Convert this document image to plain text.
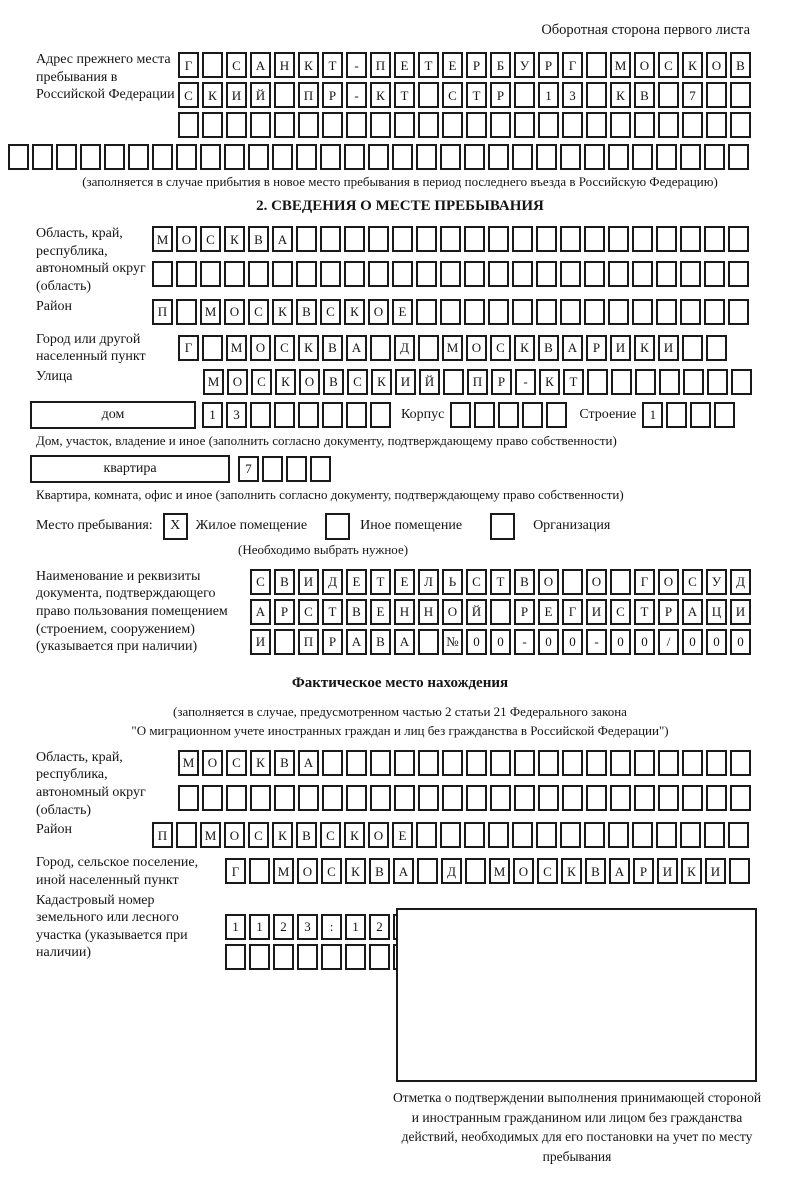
Оборотная сторона первого листа
Адрес прежнего места пребывания в Российской Федерации
Г	С	А	Н	К	Т	-	П	Е	Т	Е	Р	Б	У	Р	Г	М	О	С	К	О	В
С	К	И	Й	П	Р	-	К	Т	С	Т	Р	1	3	К	В	7
(заполняется в случае прибытия в новое место пребывания в период последнего въезда в Российскую Федерацию)
2. СВЕДЕНИЯ О МЕСТЕ ПРЕБЫВАНИЯ
Область, край, республика, автономный округ (область)
М	О	С	К	В	А
Район	П	М	О	С	К	В	С	К	О	Е
Город или другой населенный пункт
Г	М	О	С	К	В	А	Д	М	О	С	К	В	А	Р	И	К	И
Улица	М	О	С	К	О	В	С	К	И	Й	П	Р	-	К	Т
дом	1	3	Корпус	Строение	1
Дом, участок, владение и иное (заполнить согласно документу, подтверждающему право собственности)
квартира	7
Квартира, комната, офис и иное (заполнить согласно документу, подтверждающему право собственности)
Место пребывания:	X	Жилое помещение	Иное помещение	Организация
(Необходимо выбрать нужное)
Наименование и реквизиты документа, подтверждающего право пользования помещением (строением, сооружением) (указывается при наличии)
С	В	И	Д	Е	Т	Е	Л	Ь	С	Т	В	О	О	Г	О	С	У	Д
А	Р	С	Т	В	Е	Н	Н	О	Й	Р	Е	Г	И	С	Т	Р	А	Ц	И
И	П	Р	А	В	А	№	0	0	-	0	0	-	0	0	/	0	0	0
Фактическое место нахождения
(заполняется в случае, предусмотренном частью 2 статьи 21 Федерального закона
"О миграционном учете иностранных граждан и лиц без гражданства в Российской Федерации")
Область, край, республика, автономный округ (область)
М	О	С	К	В	А
Район	П	М	О	С	К	В	С	К	О	Е
Город, сельское поселение, иной населенный пункт
Г	М	О	С	К	В	А	Д	М	О	С	К	В	А	Р	И	К	И
Кадастровый номер земельного или лесного участка (указывается при наличии)
1	1	2	3	:	1	2
Отметка о подтверждении выполнения принимающей стороной и иностранным гражданином или лицом без гражданства действий, необходимых для его постановки на учет по месту пребывания
